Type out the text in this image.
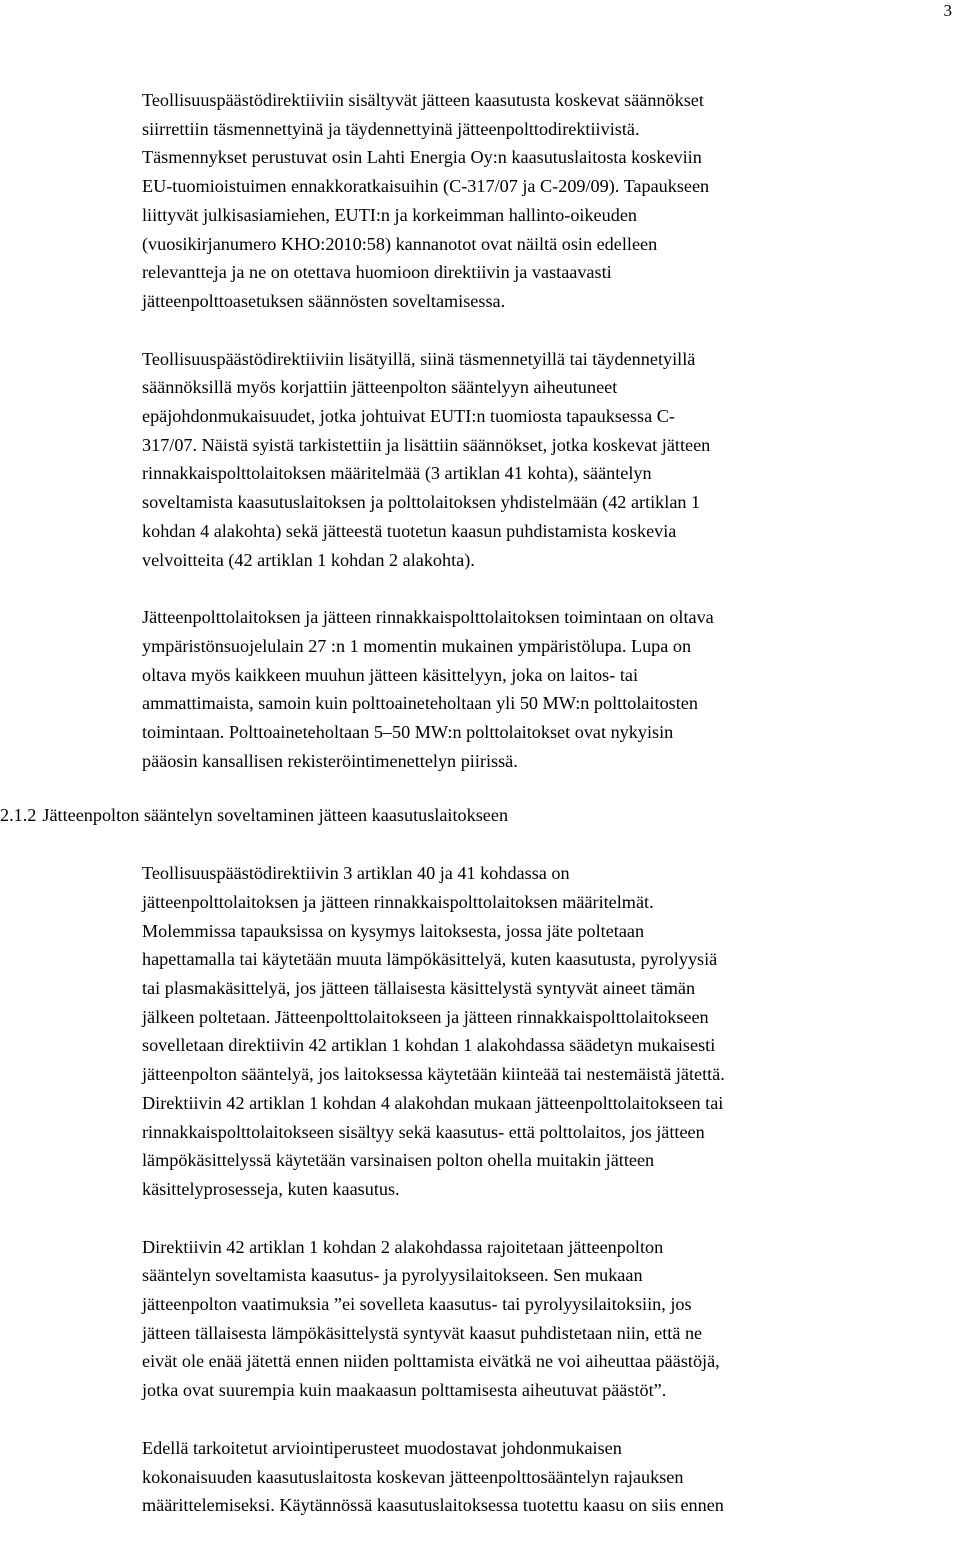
3

Teollisuuspäästödirektiiviin sisältyvät jätteen kaasutusta koskevat säännökset
siirrettiin täsmennettyinä ja täydennettyinä jätteenpolttodirektiivistä.
Täsmennykset perustuvat osin Lahti Energia Oy:n kaasutuslaitosta koskeviin
EU-tuomioistuimen ennakkoratkaisuihin (C-317/07 ja C-209/09). Tapaukseen
liittyvät julkisasiamiehen, EUTI:n ja korkeimman hallinto-oikeuden
(vuosikirjanumero KHO:2010:58) kannanotot ovat näiltä osin edelleen
relevantteja ja ne on otettava huomioon direktiivin ja vastaavasti
jätteenpolttoasetuksen säännösten soveltamisessa.

Teollisuuspäästödirektiiviin lisätyillä, siinä täsmennetyillä tai täydennetyillä
säännöksillä myös korjattiin jätteenpolton sääntelyyn aiheutuneet
epäjohdonmukaisuudet, jotka johtuivat EUTI:n tuomiosta tapauksessa C-
317/07. Näistä syistä tarkistettiin ja lisättiin säännökset, jotka koskevat jätteen
rinnakkaispolttolaitoksen määritelmää (3 artiklan 41 kohta), sääntelyn
soveltamista kaasutuslaitoksen ja polttolaitoksen yhdistelmään (42 artiklan 1
kohdan 4 alakohta) sekä jätteestä tuotetun kaasun puhdistamista koskevia
velvoitteita (42 artiklan 1 kohdan 2 alakohta).

Jätteenpolttolaitoksen ja jätteen rinnakkaispolttolaitoksen toimintaan on oltava
ympäristönsuojelulain 27 :n 1 momentin mukainen ympäristölupa. Lupa on
oltava myös kaikkeen muuhun jätteen käsittelyyn, joka on laitos- tai
ammattimaista, samoin kuin polttoaineteholtaan yli 50 MW:n polttolaitosten
toimintaan. Polttoaineteholtaan 5–50 MW:n polttolaitokset ovat nykyisin
pääosin kansallisen rekisteröintimenettelyn piirissä.

2.1.2 Jätteenpolton sääntelyn soveltaminen jätteen kaasutuslaitokseen

Teollisuuspäästödirektiivin 3 artiklan 40 ja 41 kohdassa on
jätteenpolttolaitoksen ja jätteen rinnakkaispolttolaitoksen määritelmät.
Molemmissa tapauksissa on kysymys laitoksesta, jossa jäte poltetaan
hapettamalla tai käytetään muuta lämpökäsittelyä, kuten kaasutusta, pyrolyysiä
tai plasmakäsittelyä, jos jätteen tällaisesta käsittelystä syntyvät aineet tämän
jälkeen poltetaan. Jätteenpolttolaitokseen ja jätteen rinnakkaispolttolaitokseen
sovelletaan direktiivin 42 artiklan 1 kohdan 1 alakohdassa säädetyn mukaisesti
jätteenpolton sääntelyä, jos laitoksessa käytetään kiinteää tai nestemäistä jätettä.
Direktiivin 42 artiklan 1 kohdan 4 alakohdan mukaan jätteenpolttolaitokseen tai
rinnakkaispolttolaitokseen sisältyy sekä kaasutus- että polttolaitos, jos jätteen
lämpökäsittelyssä käytetään varsinaisen polton ohella muitakin jätteen
käsittelyprosesseja, kuten kaasutus.

Direktiivin 42 artiklan 1 kohdan 2 alakohdassa rajoitetaan jätteenpolton
sääntelyn soveltamista kaasutus- ja pyrolyysilaitokseen. Sen mukaan
jätteenpolton vaatimuksia ”ei sovelleta kaasutus- tai pyrolyysilaitoksiin, jos
jätteen tällaisesta lämpökäsittelystä syntyvät kaasut puhdistetaan niin, että ne
eivät ole enää jätettä ennen niiden polttamista eivätkä ne voi aiheuttaa päästöjä,
jotka ovat suurempia kuin maakaasun polttamisesta aiheutuvat päästöt”.

Edellä tarkoitetut arviointiperusteet muodostavat johdonmukaisen
kokonaisuuden kaasutuslaitosta koskevan jätteenpolttosääntelyn rajauksen
määrittelemiseksi. Käytännössä kaasutuslaitoksessa tuotettu kaasu on siis ennen
